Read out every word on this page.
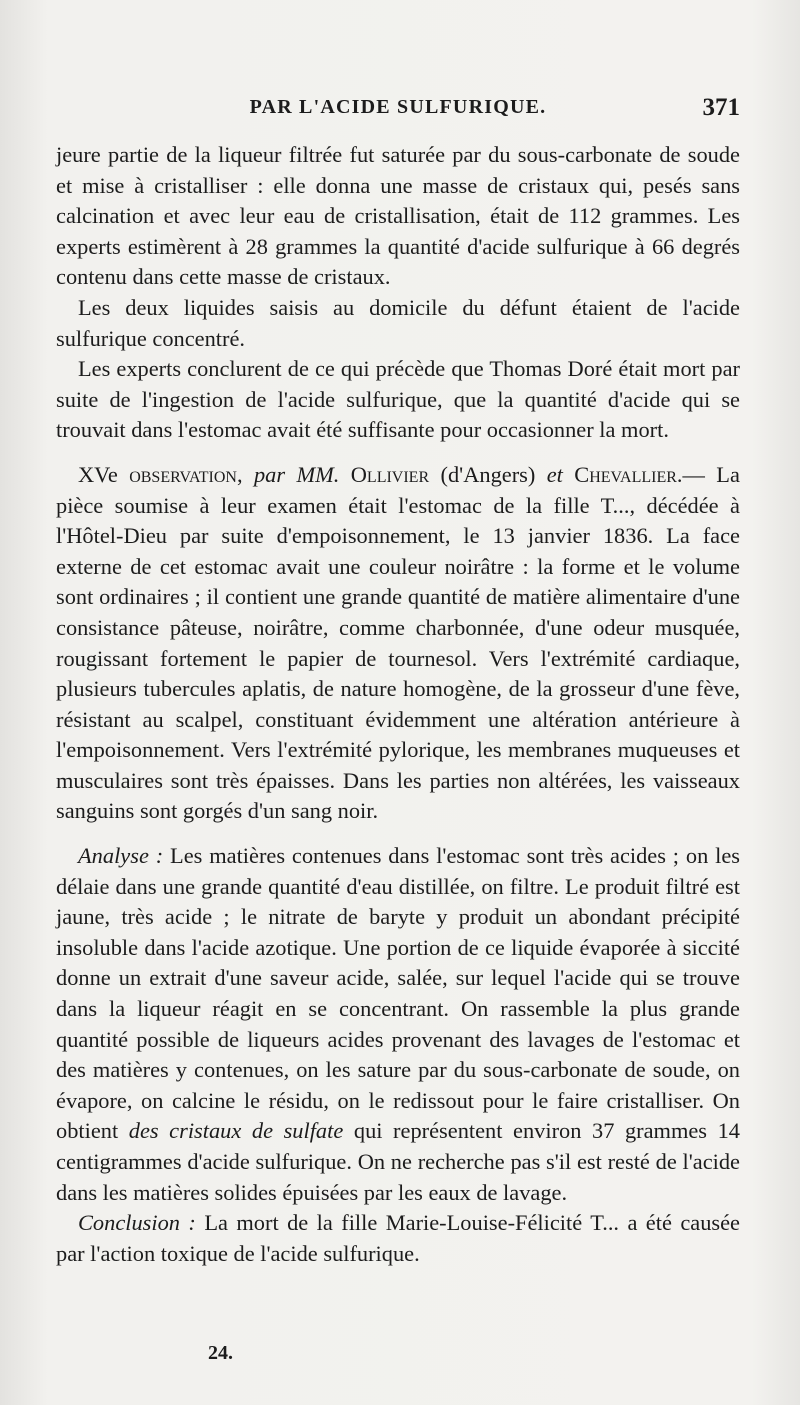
PAR L'ACIDE SULFURIQUE.	371

jeure partie de la liqueur filtrée fut saturée par du sous-carbonate de soude et mise à cristalliser : elle donna une masse de cristaux qui, pesés sans calcination et avec leur eau de cristallisation, était de 112 grammes. Les experts estimèrent à 28 grammes la quantité d'acide sulfurique à 66 degrés contenu dans cette masse de cristaux.

Les deux liquides saisis au domicile du défunt étaient de l'acide sulfurique concentré.

Les experts conclurent de ce qui précède que Thomas Doré était mort par suite de l'ingestion de l'acide sulfurique, que la quantité d'acide qui se trouvait dans l'estomac avait été suffisante pour occasionner la mort.

XVe observation, par MM. Ollivier (d'Angers) et Chevallier.— La pièce soumise à leur examen était l'estomac de la fille T..., décédée à l'Hôtel-Dieu par suite d'empoisonnement, le 13 janvier 1836. La face externe de cet estomac avait une couleur noirâtre : la forme et le volume sont ordinaires ; il contient une grande quantité de matière alimentaire d'une consistance pâteuse, noirâtre, comme charbonnée, d'une odeur musquée, rougissant fortement le papier de tournesol. Vers l'extrémité cardiaque, plusieurs tubercules aplatis, de nature homogène, de la grosseur d'une fève, résistant au scalpel, constituant évidemment une altération antérieure à l'empoisonnement. Vers l'extrémité pylorique, les membranes muqueuses et musculaires sont très épaisses. Dans les parties non altérées, les vaisseaux sanguins sont gorgés d'un sang noir.

Analyse : Les matières contenues dans l'estomac sont très acides ; on les délaie dans une grande quantité d'eau distillée, on filtre. Le produit filtré est jaune, très acide ; le nitrate de baryte y produit un abondant précipité insoluble dans l'acide azotique. Une portion de ce liquide évaporée à siccité donne un extrait d'une saveur acide, salée, sur lequel l'acide qui se trouve dans la liqueur réagit en se concentrant. On rassemble la plus grande quantité possible de liqueurs acides provenant des lavages de l'estomac et des matières y contenues, on les sature par du sous-carbonate de soude, on évapore, on calcine le résidu, on le redissout pour le faire cristalliser. On obtient des cristaux de sulfate qui représentent environ 37 grammes 14 centigrammes d'acide sulfurique. On ne recherche pas s'il est resté de l'acide dans les matières solides épuisées par les eaux de lavage.

Conclusion : La mort de la fille Marie-Louise-Félicité T... a été causée par l'action toxique de l'acide sulfurique.

24.
